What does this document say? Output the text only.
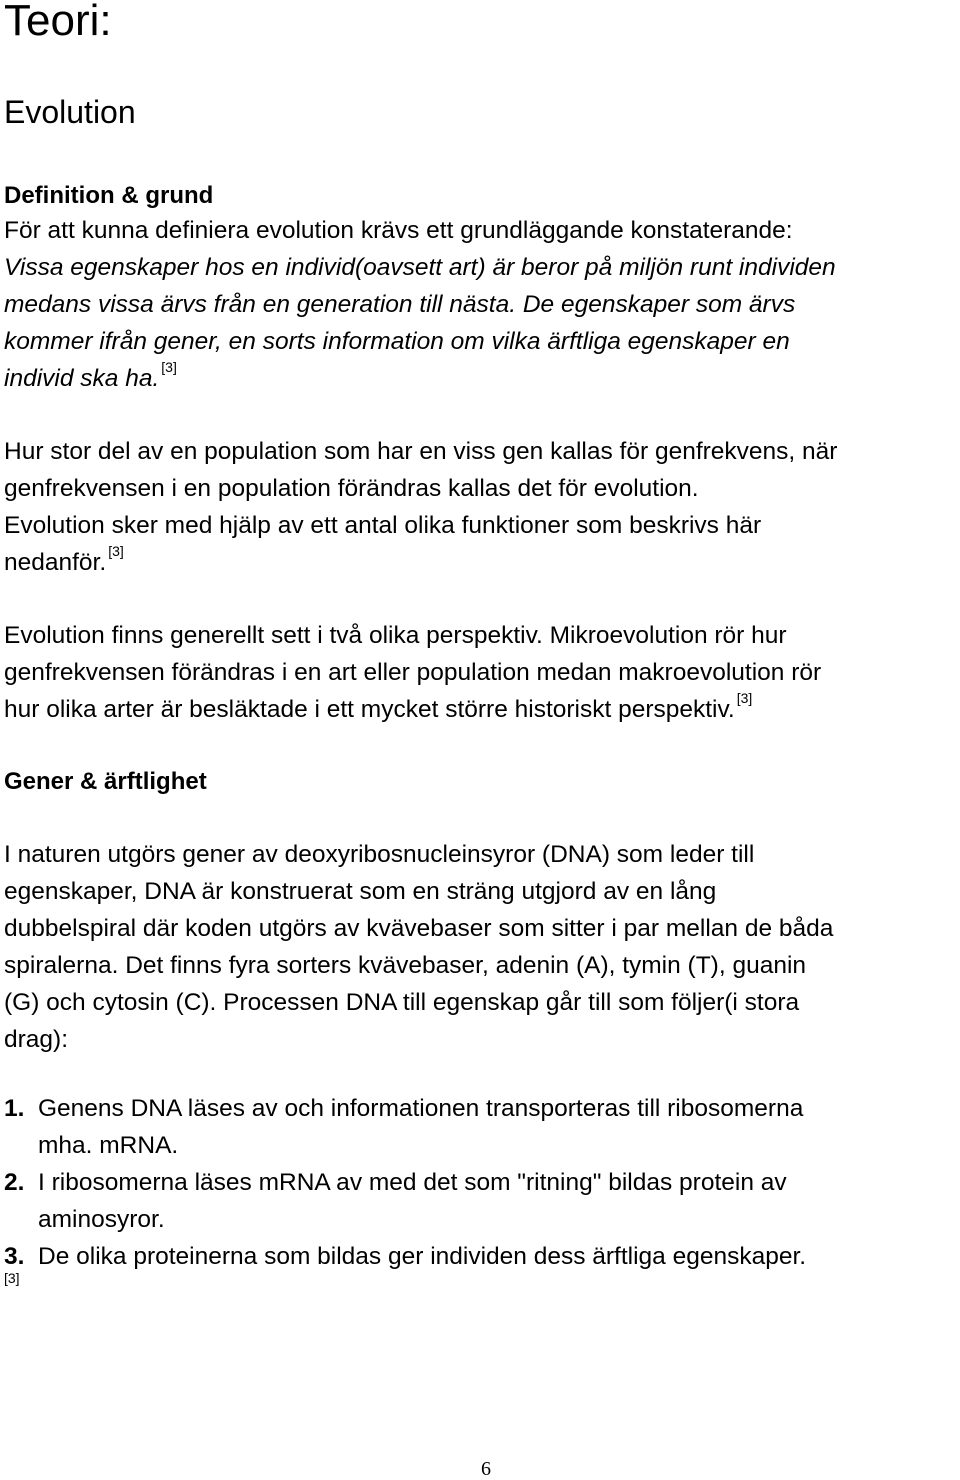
Teori:
Evolution
Definition & grund
För att kunna definiera evolution krävs ett grundläggande konstaterande:
Vissa egenskaper hos en individ(oavsett art) är beror på miljön runt individen
medans vissa ärvs från en generation till nästa. De egenskaper som ärvs
kommer ifrån gener, en sorts information om vilka ärftliga egenskaper en
individ ska ha. [3]
Hur stor del av en population som har en viss gen kallas för genfrekvens, när
genfrekvensen i en population förändras kallas det för evolution.
Evolution sker med hjälp av ett antal olika funktioner som beskrivs här
nedanför. [3]
Evolution finns generellt sett i två olika perspektiv. Mikroevolution rör hur
genfrekvensen förändras i en art eller population medan makroevolution rör
hur olika arter är besläktade i ett mycket större historiskt perspektiv. [3]
Gener & ärftlighet
I naturen utgörs gener av deoxyribosnucleinsyror (DNA) som leder till
egenskaper, DNA är konstruerat som en sträng utgjord av en lång
dubbelspiral där koden utgörs av kvävebaser som sitter i par mellan de båda
spiralerna. Det finns fyra sorters kvävebaser, adenin (A), tymin (T), guanin
(G) och cytosin (C). Processen DNA till egenskap går till som följer(i stora
drag):
1. Genens DNA läses av och informationen transporteras till ribosomerna
mha. mRNA.
2. I ribosomerna läses mRNA av med det som "ritning" bildas protein av
aminosyror.
3. De olika proteinerna som bildas ger individen dess ärftliga egenskaper.
[3]
6
